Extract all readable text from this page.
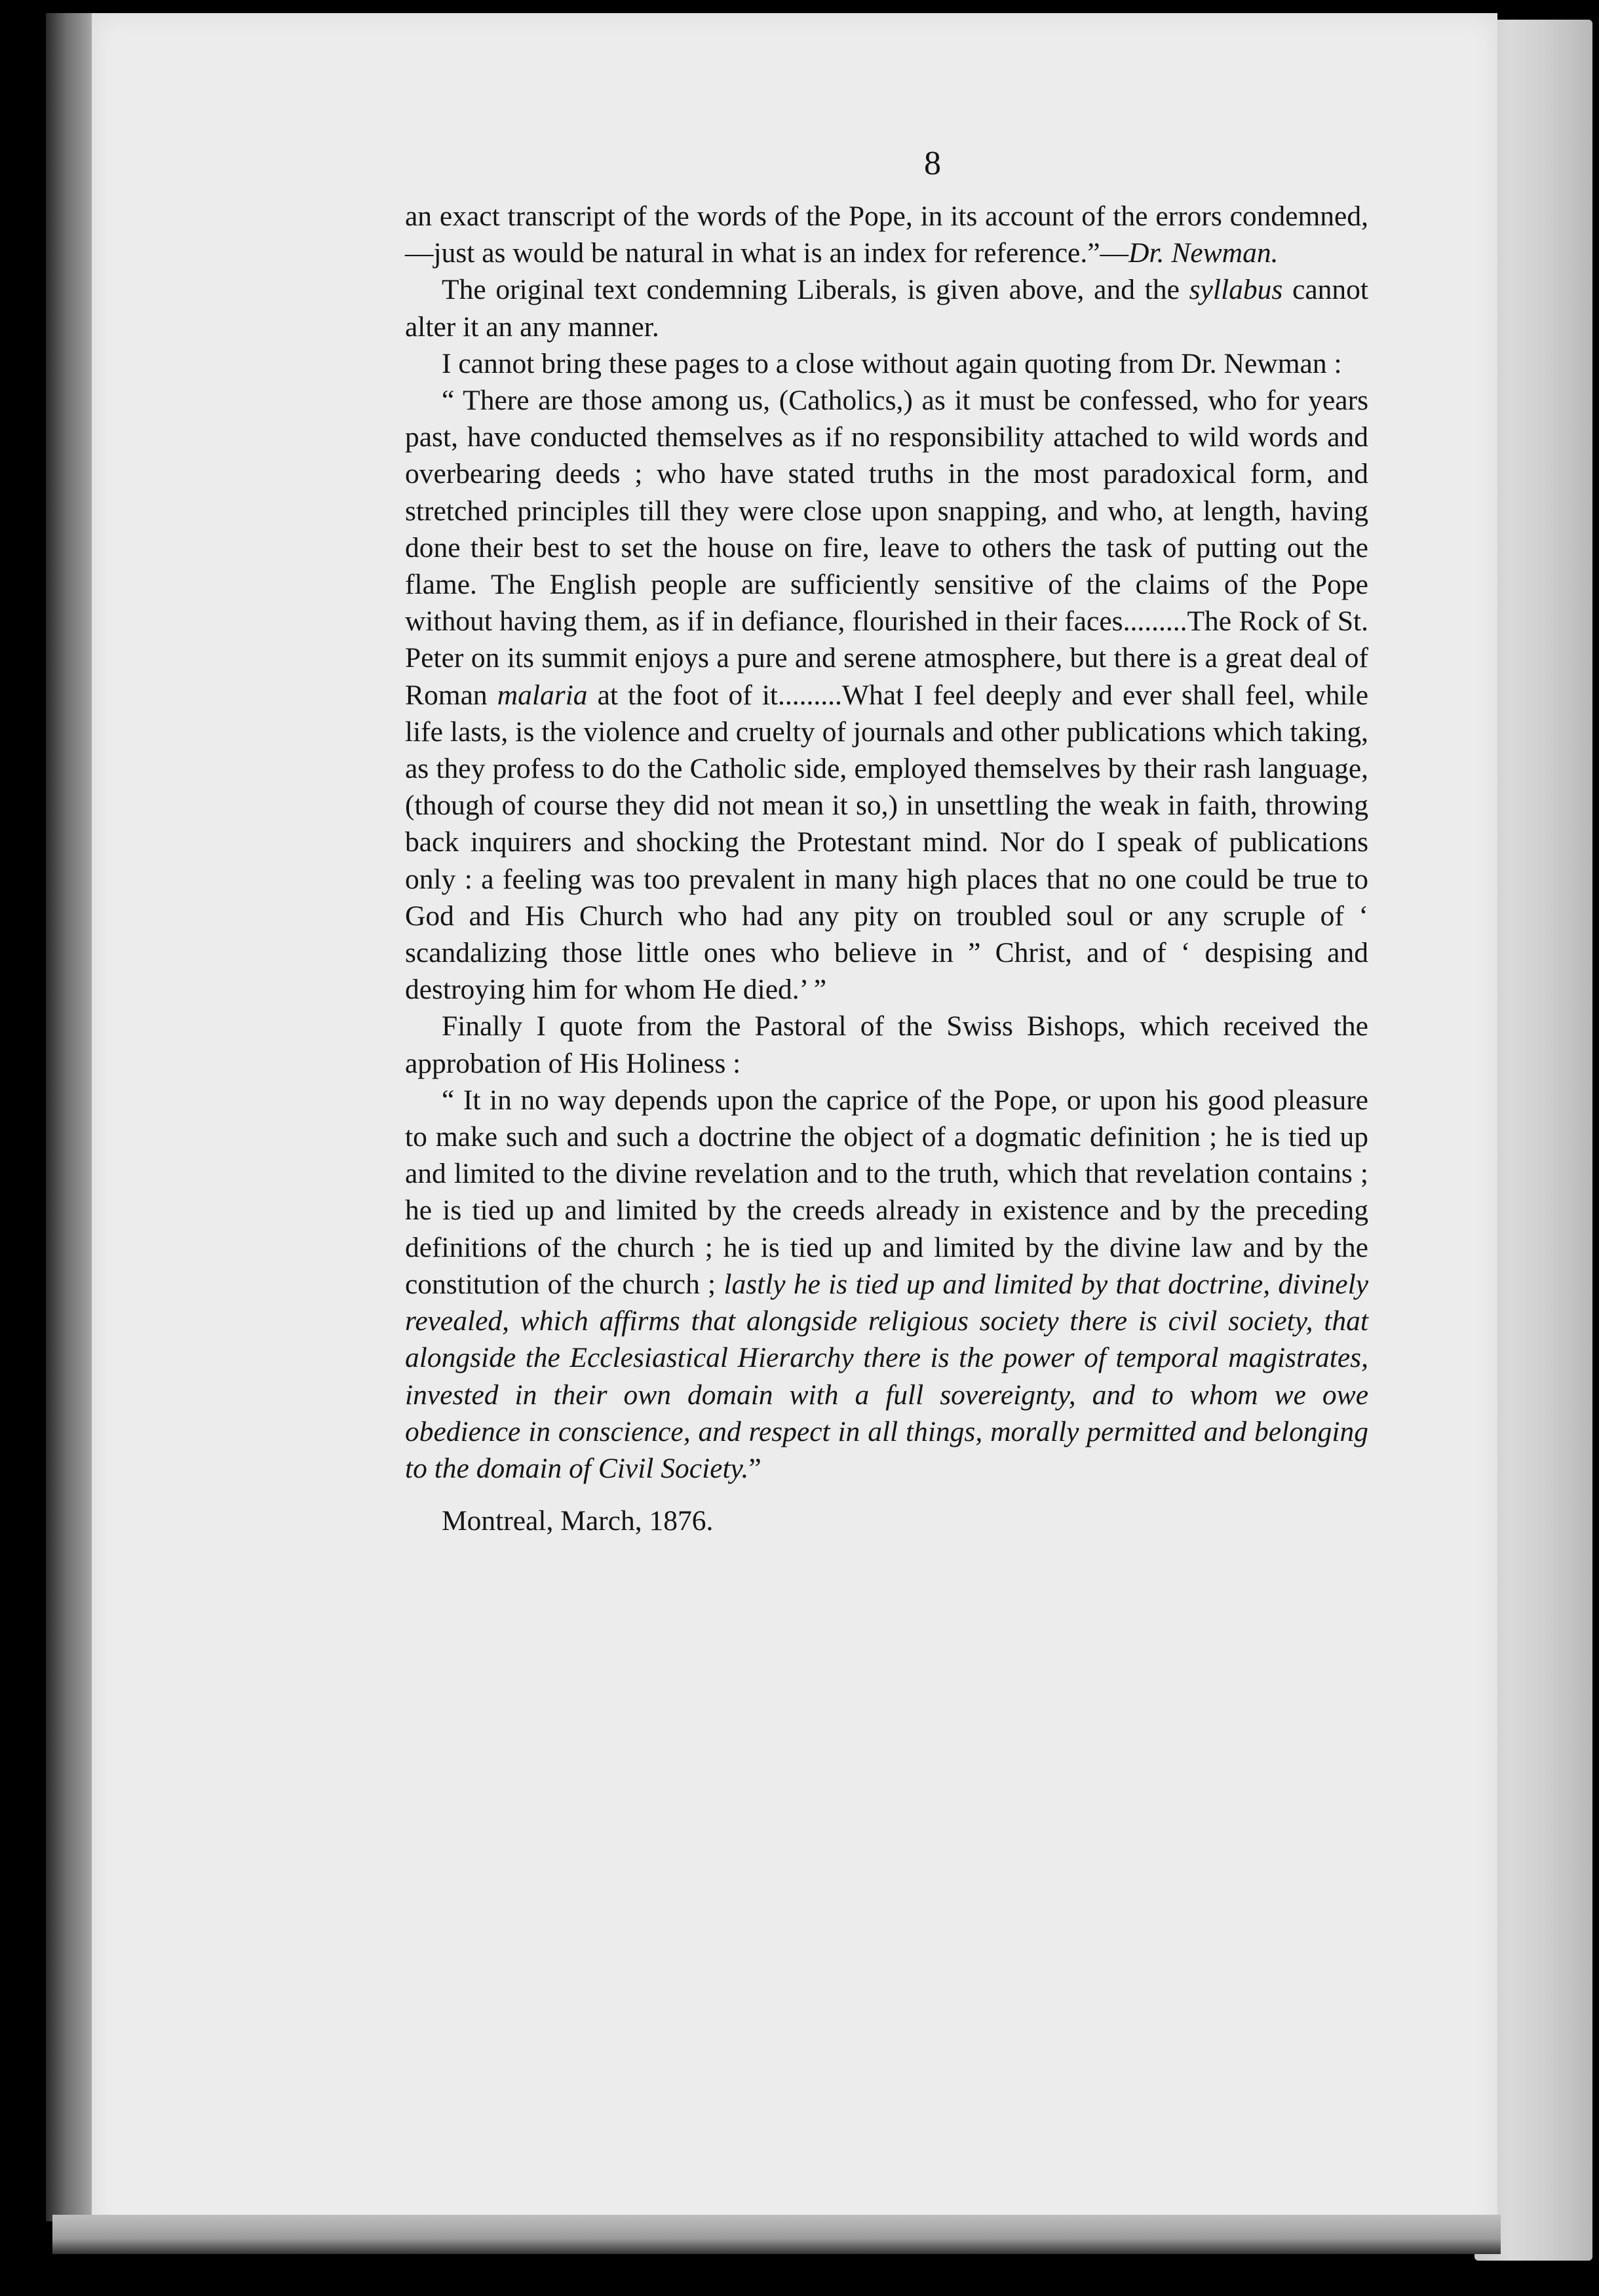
8

an exact transcript of the words of the Pope, in its account of the errors condemned,—just as would be natural in what is an index for reference.”—Dr. Newman.

The original text condemning Liberals, is given above, and the syllabus cannot alter it an any manner.

I cannot bring these pages to a close without again quoting from Dr. Newman :

“ There are those among us, (Catholics,) as it must be confessed, who for years past, have conducted themselves as if no responsibility attached to wild words and overbearing deeds ; who have stated truths in the most paradoxical form, and stretched principles till they were close upon snapping, and who, at length, having done their best to set the house on fire, leave to others the task of putting out the flame. The English people are sufficiently sensitive of the claims of the Pope without having them, as if in defiance, flourished in their faces.........The Rock of St. Peter on its summit enjoys a pure and serene atmosphere, but there is a great deal of Roman malaria at the foot of it.........What I feel deeply and ever shall feel, while life lasts, is the violence and cruelty of journals and other publications which taking, as they profess to do the Catholic side, employed themselves by their rash language, (though of course they did not mean it so,) in unsettling the weak in faith, throwing back inquirers and shocking the Protestant mind. Nor do I speak of publications only : a feeling was too prevalent in many high places that no one could be true to God and His Church who had any pity on troubled soul or any scruple of ‘ scandalizing those little ones who believe in ” Christ, and of ‘ despising and destroying him for whom He died.’ ”

Finally I quote from the Pastoral of the Swiss Bishops, which received the approbation of His Holiness :

“ It in no way depends upon the caprice of the Pope, or upon his good pleasure to make such and such a doctrine the object of a dogmatic definition ; he is tied up and limited to the divine revelation and to the truth, which that revelation contains ; he is tied up and limited by the creeds already in existence and by the preceding definitions of the church ; he is tied up and limited by the divine law and by the constitution of the church ; lastly he is tied up and limited by that doctrine, divinely revealed, which affirms that alongside religious society there is civil society, that alongside the Ecclesiastical Hierarchy there is the power of temporal magistrates, invested in their own domain with a full sovereignty, and to whom we owe obedience in conscience, and respect in all things, morally permitted and belonging to the domain of Civil Society.”

Montreal, March, 1876.
